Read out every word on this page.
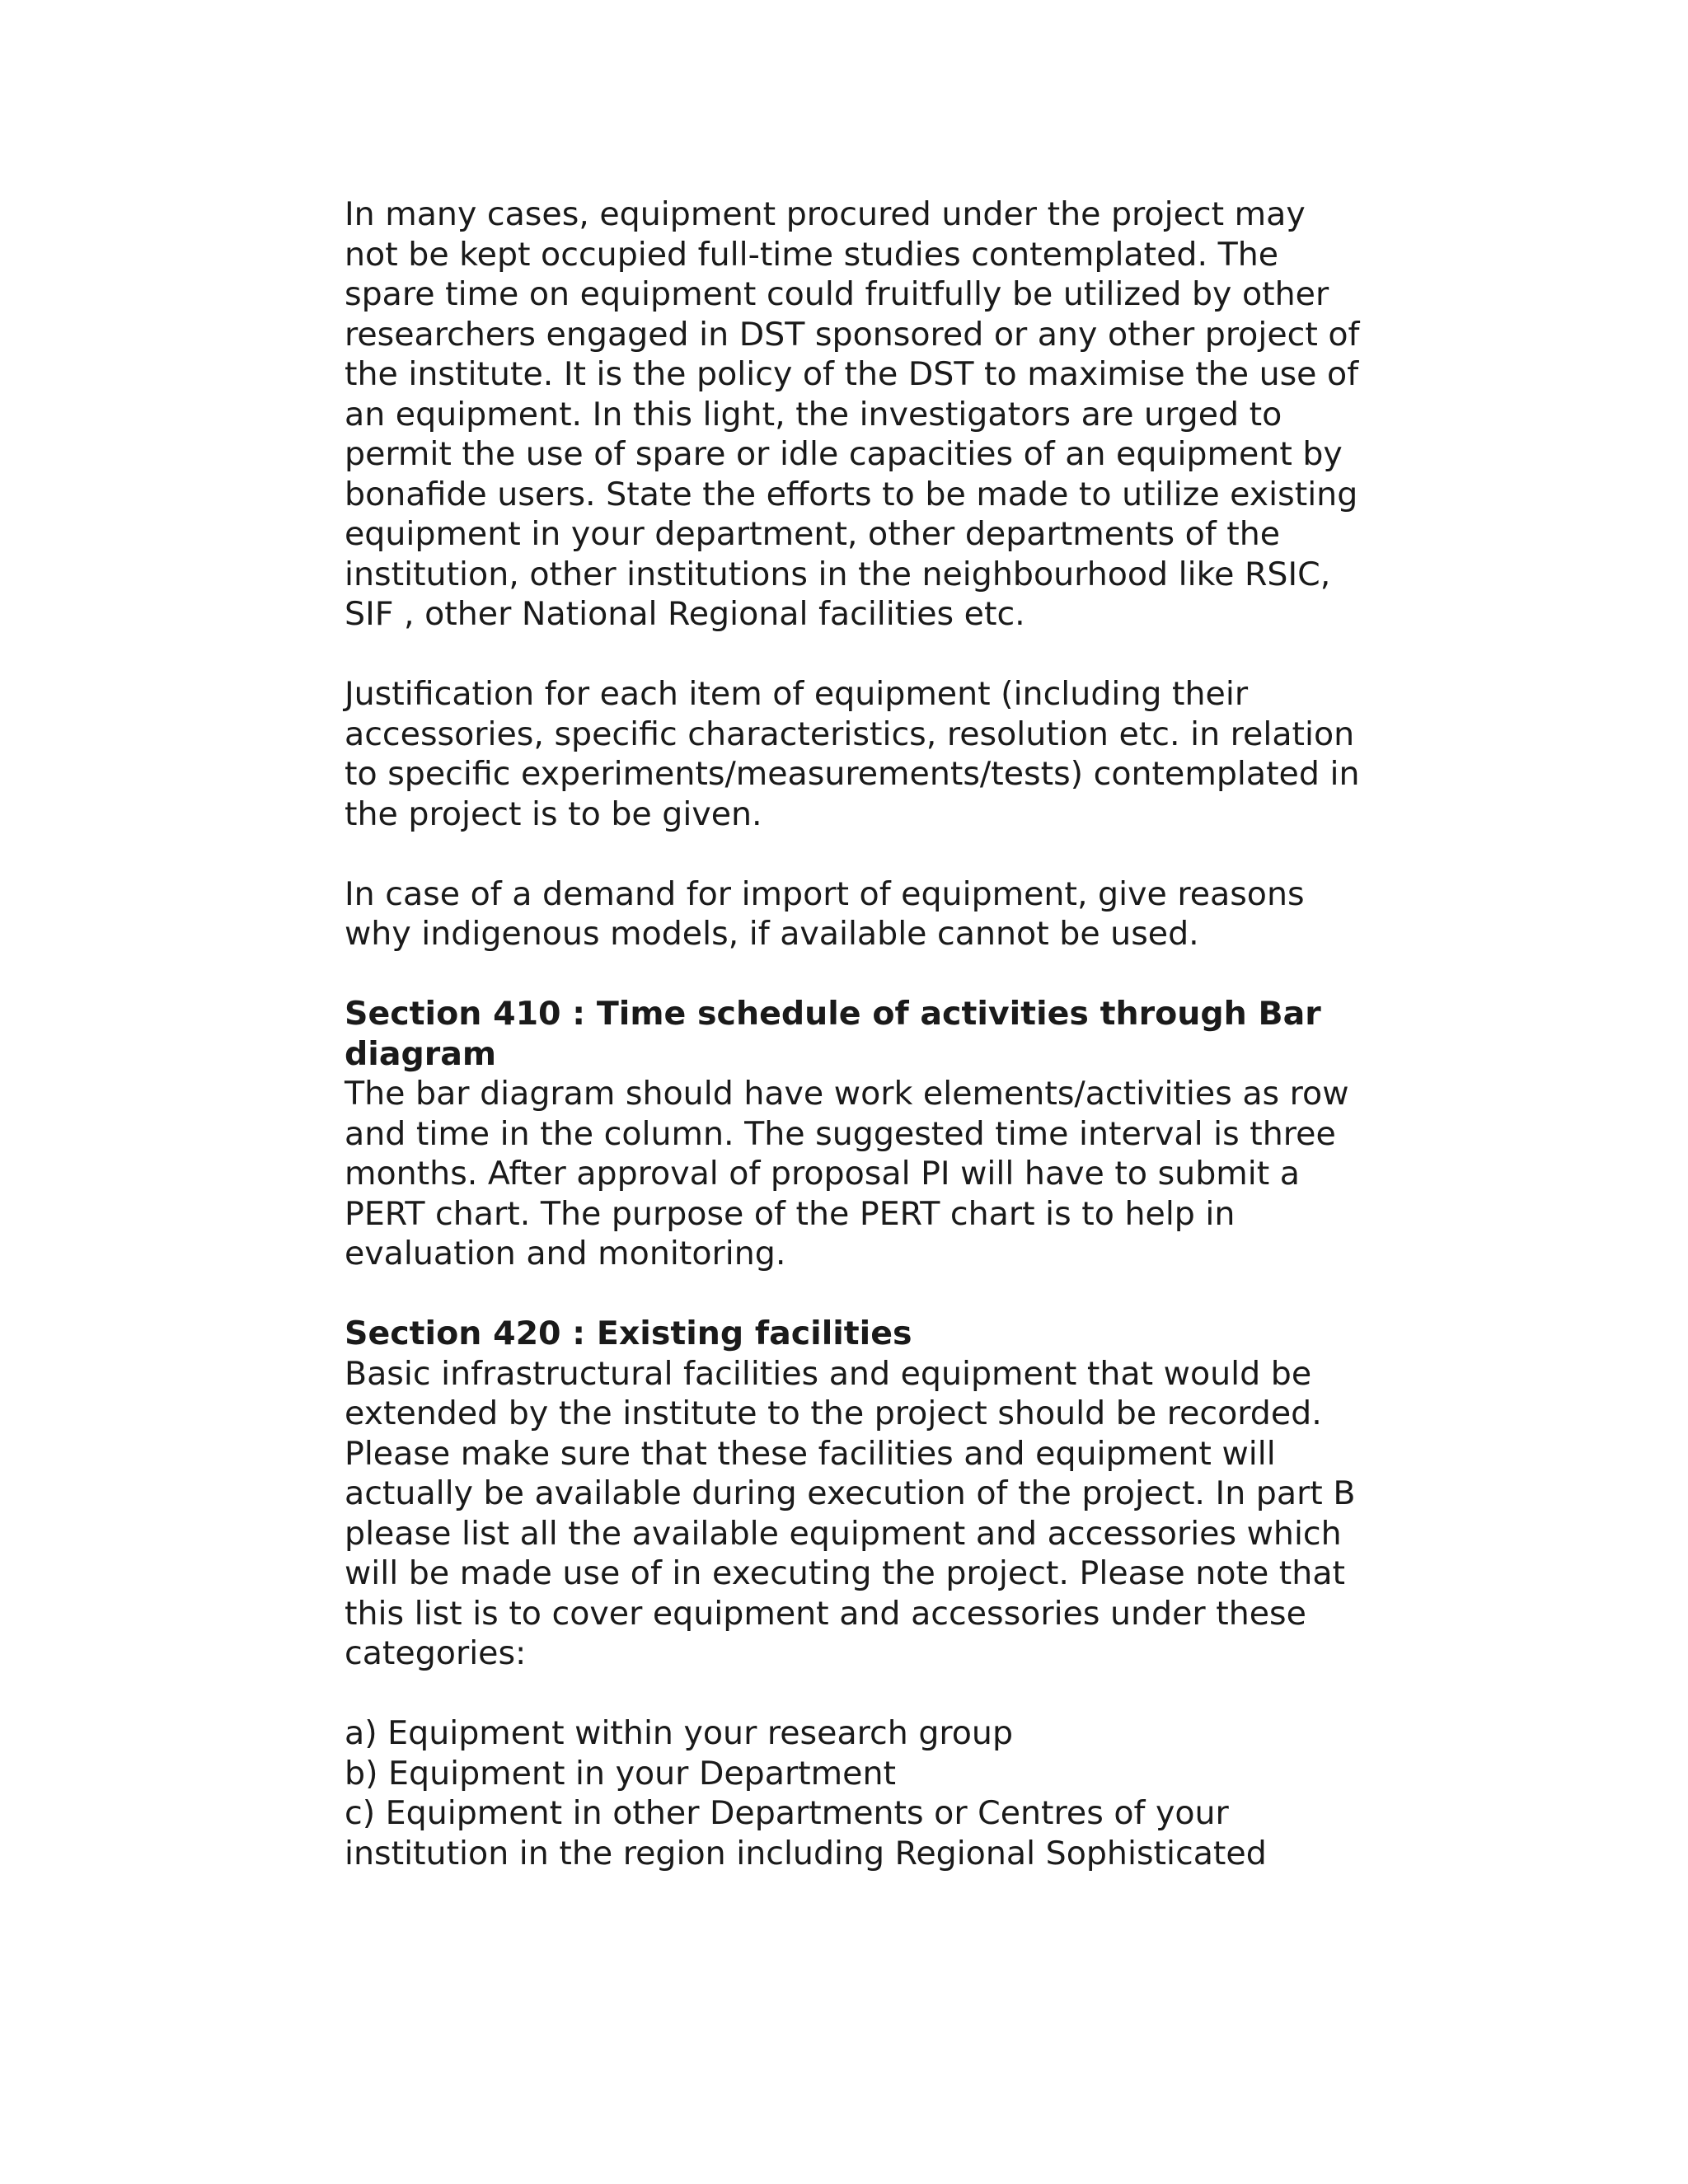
In many cases, equipment procured under the project may not be kept occupied full-time studies contemplated. The spare time on equipment could fruitfully be utilized by other researchers engaged in DST sponsored or any other project of the institute. It is the policy of the DST to maximise the use of an equipment. In this light, the investigators are urged to permit the use of spare or idle capacities of an equipment by bonafide users. State the efforts to be made to utilize existing equipment in your department, other departments of the institution, other institutions in the neighbourhood like RSIC, SIF , other National Regional facilities etc.

Justification for each item of equipment (including their accessories, specific characteristics, resolution etc. in relation to specific experiments/measurements/tests) contemplated in the project is to be given.

In case of a demand for import of equipment, give reasons why indigenous models, if available cannot be used.

Section 410 : Time schedule of activities through Bar diagram

The bar diagram should have work elements/activities as row and time in the column. The suggested time interval is three months. After approval of proposal PI will have to submit a PERT chart. The purpose of the PERT chart is to help in evaluation and monitoring.

Section 420 : Existing facilities

Basic infrastructural facilities and equipment that would be extended by the institute to the project should be recorded. Please make sure that these facilities and equipment will actually be available during execution of the project. In part B please list all the available equipment and accessories which will be made use of in executing the project. Please note that this list is to cover equipment and accessories under these categories:

a) Equipment within your research group
b) Equipment in your Department
c) Equipment in other Departments or Centres of your institution in the region including Regional Sophisticated
